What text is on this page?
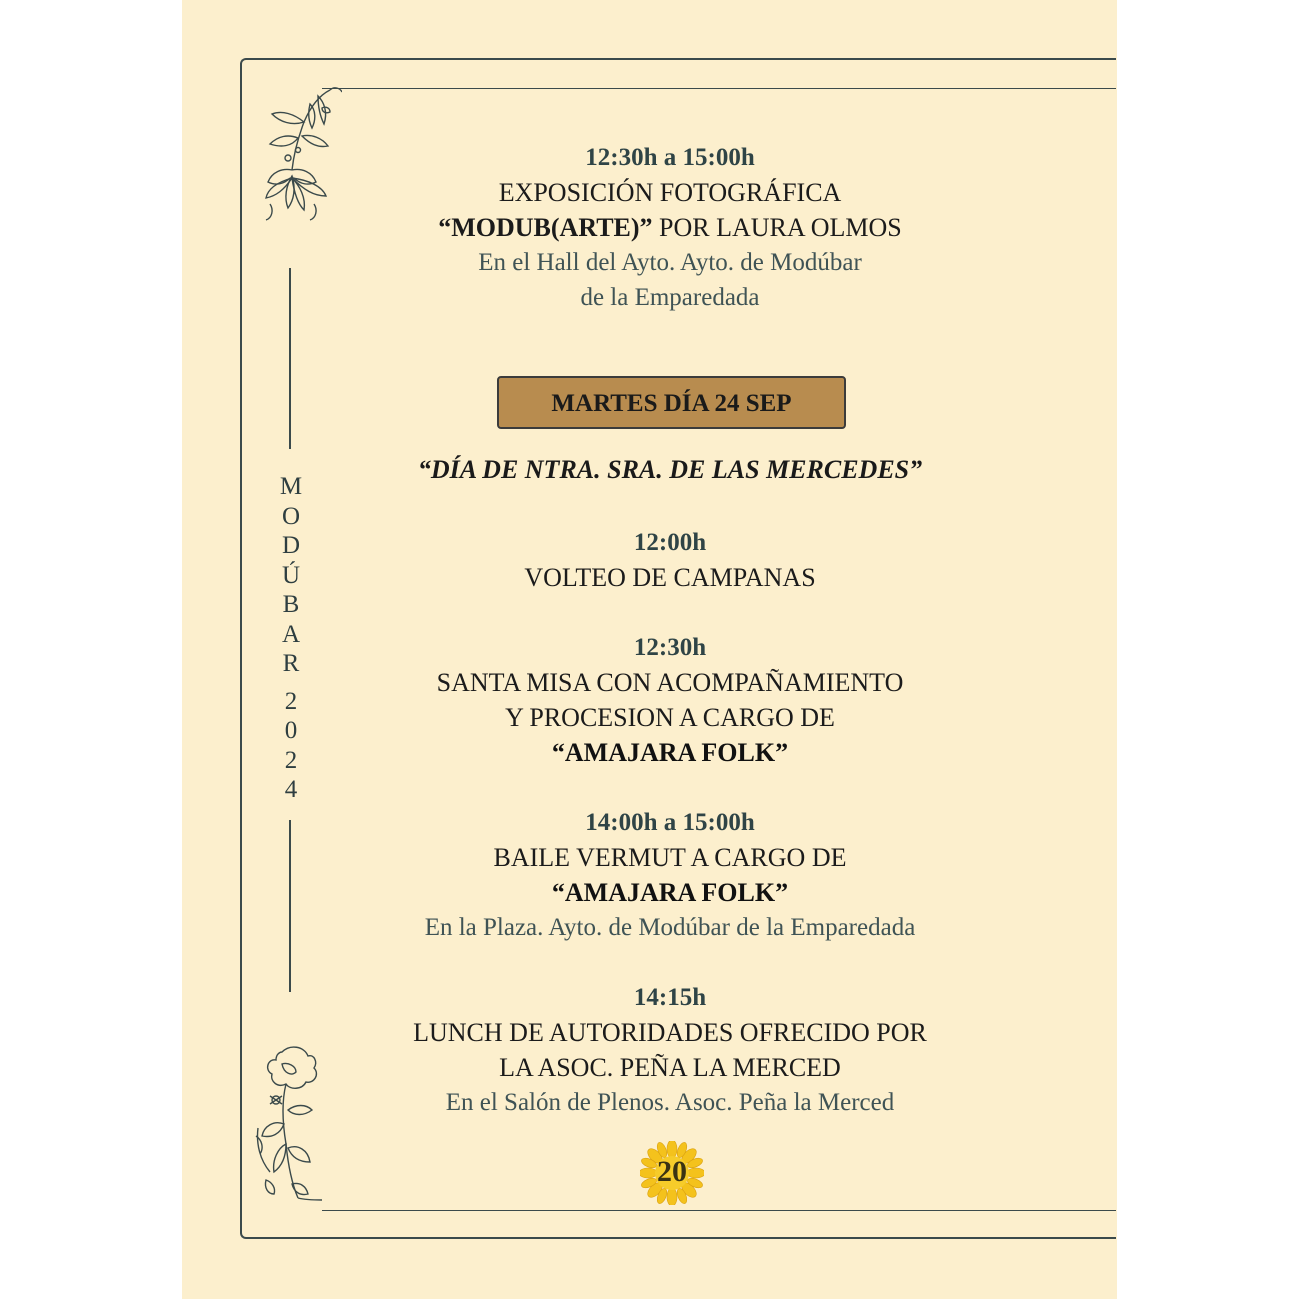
M
O
D
Ú
B
A
R
2
0
2
4
12:30h a 15:00h
EXPOSICIÓN FOTOGRÁFICA
“MODUB(ARTE)” POR LAURA OLMOS
En el Hall del Ayto. Ayto. de Modúbar
de la Emparedada
MARTES DÍA 24 SEP
“DÍA DE NTRA. SRA. DE LAS MERCEDES”
12:00h
VOLTEO DE CAMPANAS
12:30h
SANTA MISA CON ACOMPAÑAMIENTO
Y PROCESION A CARGO DE
“AMAJARA FOLK”
14:00h a 15:00h
BAILE VERMUT A CARGO DE
“AMAJARA FOLK”
En la Plaza. Ayto. de Modúbar de la Emparedada
14:15h
LUNCH DE AUTORIDADES OFRECIDO POR
LA ASOC. PEÑA LA MERCED
En el Salón de Plenos. Asoc. Peña la Merced
20
